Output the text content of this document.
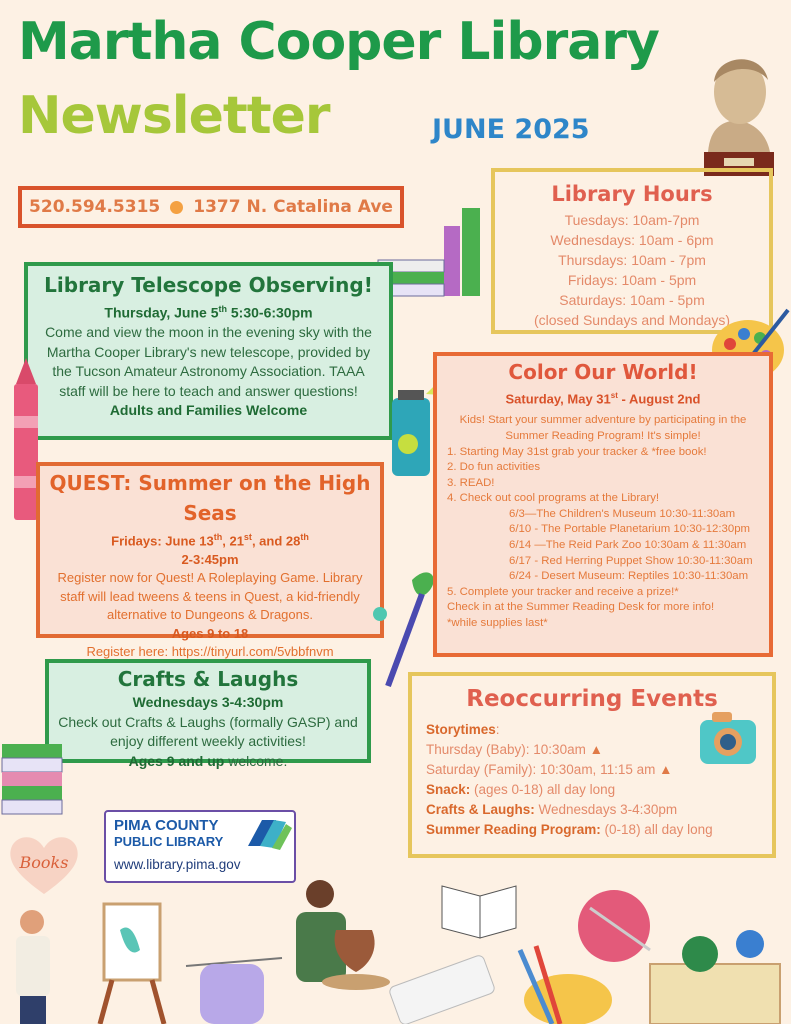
Martha Cooper Library
Newsletter	JUNE 2025
520.594.5315 1377 N. Catalina Ave
Library Hours

Tuesdays: 10am-7pm

Wednesdays: 10am - 6pm

Thursdays: 10am - 7pm

Fridays: 10am - 5pm

Saturdays: 10am - 5pm

(closed Sundays and Mondays)

Library Telescope Observing!
Thursday, June 5th 5:30-6:30pm
Come and view the moon in the evening sky with the Martha Cooper Library's new telescope, provided by the Tucson Amateur Astronomy Association. TAAA staff will be here to teach and answer questions! Adults and Families Welcome
QUEST: Summer on the High Seas
Fridays: June 13th, 21st, and 28th
2-3:45pm
Register now for Quest! A Roleplaying Game. Library staff will lead tweens & teens in Quest, a kid-friendly alternative to Dungeons & Dragons.
Ages 9 to 18
Register here: https://tinyurl.com/5vbbfnvm
Color Our World!
Saturday, May 31st - August 2nd
Kids! Start your summer adventure by participating in the Summer Reading Program! It's simple!
1. Starting May 31st grab your tracker & *free book!
2. Do fun activities
3. READ!
4. Check out cool programs at the Library!
6/3—The Children's Museum 10:30-11:30am
6/10 - The Portable Planetarium 10:30-12:30pm
6/14 —The Reid Park Zoo 10:30am & 11:30am
6/17 - Red Herring Puppet Show 10:30-11:30am
6/24 - Desert Museum: Reptiles 10:30-11:30am
5. Complete your tracker and receive a prize!*
Check in at the Summer Reading Desk for more info!
*while supplies last*
Crafts & Laughs
Wednesdays 3-4:30pm
Check out Crafts & Laughs (formally GASP) and enjoy different weekly activities!
Ages 9 and up welcome.
Reoccurring Events
Storytimes:
Thursday (Baby): 10:30am ▲
Saturday (Family): 10:30am, 11:15 am ▲
Snack: (ages 0-18) all day long
Crafts & Laughs: Wednesdays 3-4:30pm
Summer Reading Program: (0-18) all day long
PIMA COUNTY
PUBLIC LIBRARY
www.library.pima.gov
Books
